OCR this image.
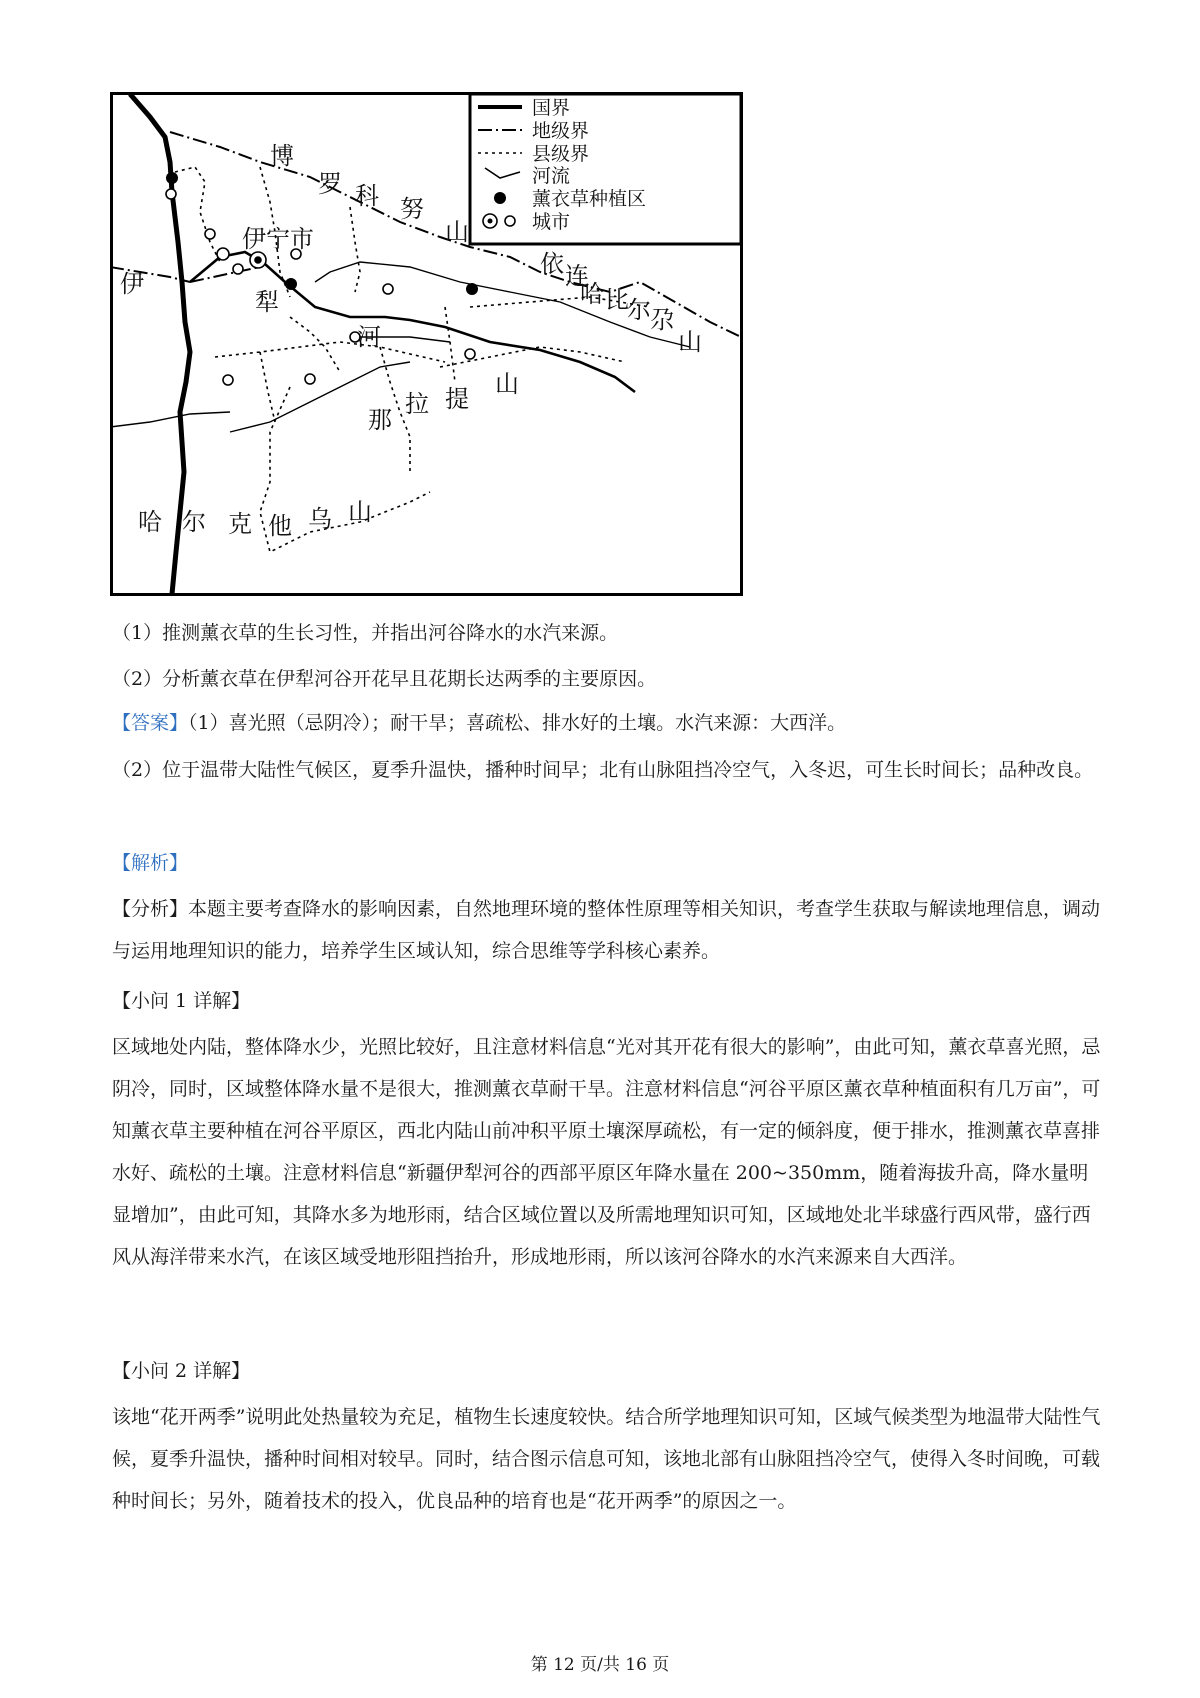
国界
地级界
县级界
河流
薰衣草种植区
城市
博
罗 科 努
山
依 连
哈 比
尔 尕
山
那
拉 提
山
哈 尔 克 他 乌 山
伊宁市
伊
犁
河

（1）推测薰衣草的生长习性，并指出河谷降水的水汽来源。

（2）分析薰衣草在伊犁河谷开花早且花期长达两季的主要原因。

【答案】（1）喜光照（忌阴冷）；耐干旱；喜疏松、排水好的土壤。水汽来源：大西洋。

（2）位于温带大陆性气候区，夏季升温快，播种时间早；北有山脉阻挡冷空气，入冬迟，可生长时间长；品种改良。

【解析】

【分析】本题主要考查降水的影响因素，自然地理环境的整体性原理等相关知识，考查学生获取与解读地理信息，调动与运用地理知识的能力，培养学生区域认知，综合思维等学科核心素养。

【小问 1 详解】

区域地处内陆，整体降水少，光照比较好，且注意材料信息“光对其开花有很大的影响”，由此可知，薰衣草喜光照，忌阴冷，同时，区域整体降水量不是很大，推测薰衣草耐干旱。注意材料信息“河谷平原区薰衣草种植面积有几万亩”，可知薰衣草主要种植在河谷平原区，西北内陆山前冲积平原土壤深厚疏松，有一定的倾斜度，便于排水，推测薰衣草喜排水好、疏松的土壤。注意材料信息“新疆伊犁河谷的西部平原区年降水量在 200~350mm，随着海拔升高，降水量明显增加”，由此可知，其降水多为地形雨，结合区域位置以及所需地理知识可知，区域地处北半球盛行西风带，盛行西风从海洋带来水汽，在该区域受地形阻挡抬升，形成地形雨，所以该河谷降水的水汽来源来自大西洋。

【小问 2 详解】

该地“花开两季”说明此处热量较为充足，植物生长速度较快。结合所学地理知识可知，区域气候类型为地温带大陆性气候，夏季升温快，播种时间相对较早。同时，结合图示信息可知，该地北部有山脉阻挡冷空气，使得入冬时间晚，可载种时间长；另外，随着技术的投入，优良品种的培育也是“花开两季”的原因之一。

第 12 页/共 16 页
